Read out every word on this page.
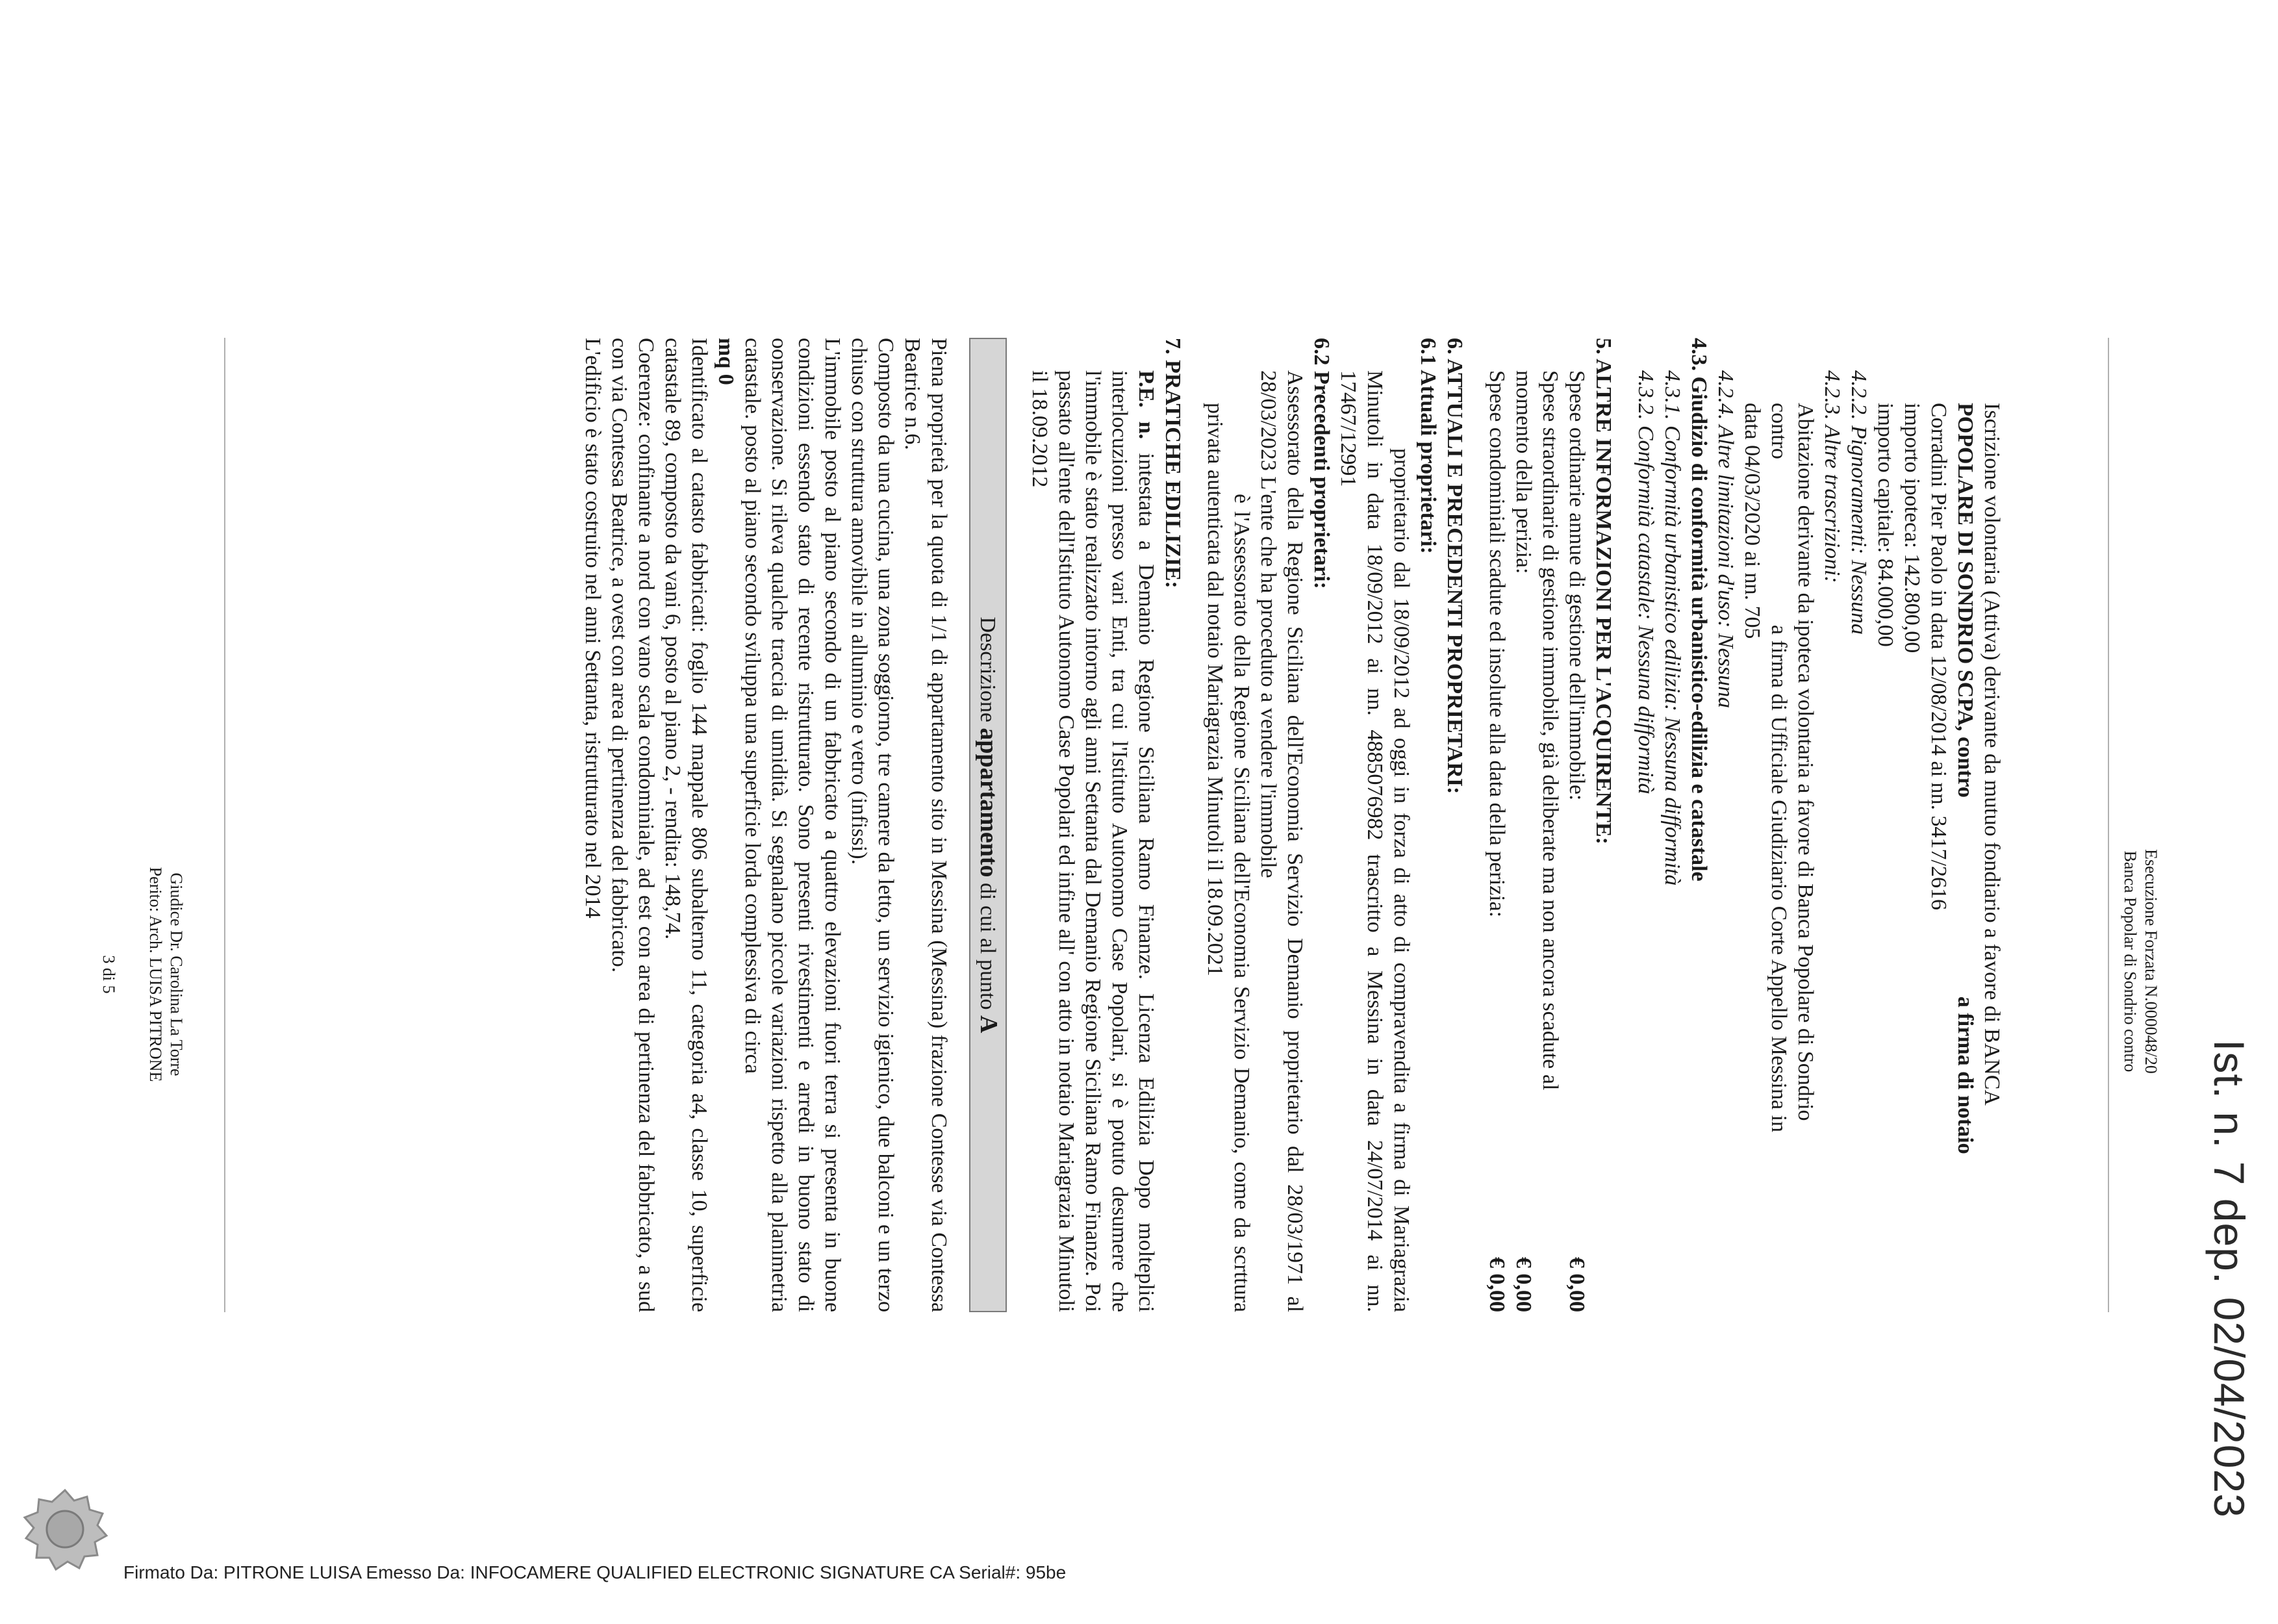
Ist. n. 7 dep. 02/04/2023
Esecuzione Forzata N.000048/20
Banca Popolar di Sondrio contro

Iscrizione volontaria (Attiva) derivante da mutuo fondiario a favore di BANCA

POPOLARE DI SONDRIO SCPA, contro                                    a firma di notaio

Corradini Pier Paolo in data 12/08/2014 ai nn. 3417/2616

importo ipoteca: 142.800,00

importo capitale: 84.000,00

4.2.2. Pignoramenti: Nessuna

4.2.3. Altre trascrizioni:

Abitazione derivante da ipoteca volontaria a favore di Banca Popolare di Sondrio

contro                              a firma di Ufficiale Giudiziario Corte Appello Messina in

data 04/03/2020 ai nn. 705

4.2.4. Altre limitazioni d'uso: Nessuna

4.3. Giudizio di conformità urbanistico-edilizia e catastale

4.3.1. Conformità urbanistico edilizia: Nessuna difformità

4.3.2. Conformità catastale: Nessuna difformità

5. ALTRE INFORMAZIONI PER L'ACQUIRENTE:

Spese ordinarie annue di gestione dell'immobile:
€ 0,00
Spese straordinarie di gestione immobile, già deliberate ma non ancora scadute al momento della perizia:
€ 0,00
Spese condominiali scadute ed insolute alla data della perizia:
€ 0,00

6. ATTUALI E PRECEDENTI PROPRIETARI:

6.1 Attuali proprietari:

proprietario dal 18/09/2012 ad oggi in forza di atto di compravendita a firma di Mariagrazia Minutoli in data 18/09/2012 ai nn. 4885076982 trascritto a Messina in data 24/07/2014 ai nn. 17467/12991

6.2 Precedenti proprietari:

Assessorato della Regione Siciliana dell'Economia Servizio Demanio proprietario dal 28/03/1971 al 28/03/2023 L'ente che ha proceduto a vendere l'immobile

è l'Assessorato della Regione Siciliana dell'Economia Servizio Demanio, come da scrttura privata autenticata dal notaio Mariagrazia Minutoli il 18.09.2021

7. PRATICHE EDILIZIE:

P.E. n. intestata a Demanio Regione Siciliana Ramo Finanze. Licenza Edilizia Dopo molteplici interlocuzioni presso vari Enti, tra cui l'Istituto Autonomo Case Popolari, si è potuto desumere che l'immobile è stato realizzato intorno agli anni Settanta dal Demanio Regione Siciliana Ramo Finanze. Poi passato all'ente dell'Istituto Autonomo Case Popolari ed infine all' con atto in notaio Mariagrazia Minutoli il 18.09.2012

Descrizione appartamento di cui al punto A

Piena proprietà per la quota di 1/1 di appartamento sito in Messina (Messina) frazione Contesse via Contessa Beatrice n.6.

Composto da una cucina, una zona soggiorno, tre camere da letto, un servizio igienico, due balconi e un terzo chiuso con struttura amovibile in alluminio e vetro (infissi).

L'immobile posto al piano secondo di un fabbricato a quattro elevazioni fuori terra si presenta in buone condizioni essendo stato di recente ristrutturato. Sono presenti rivestimenti e arredi in buono stato di oonservazione. Si rileva qualche traccia di umidità. Si segnalano piccole variazioni rispetto alla planimetria catastale. posto al piano secondo sviluppa una superficie lorda complessiva di circa

mq 0

Identificato al catasto fabbricati: foglio 144 mappale 806 subalterno 11, categoria a4, classe 10, superficie catastale 89, composto da vani 6, posto al piano 2, - rendita: 148,74.

Coerenze: confinante a nord con vano scala condominiale, ad est con area di pertinenza del fabbricato, a sud con via Contessa Beatrice, a ovest con area di pertinenza del fabbricato.

L'edificio è stato costruito nel anni Settanta, ristrutturato nel 2014

Giudice Dr. Carolina La Torre
Perito: Arch. LUISA PITRONE
3 di 5
Firmato Da: PITRONE LUISA Emesso Da: INFOCAMERE QUALIFIED ELECTRONIC SIGNATURE CA Serial#: 95be
